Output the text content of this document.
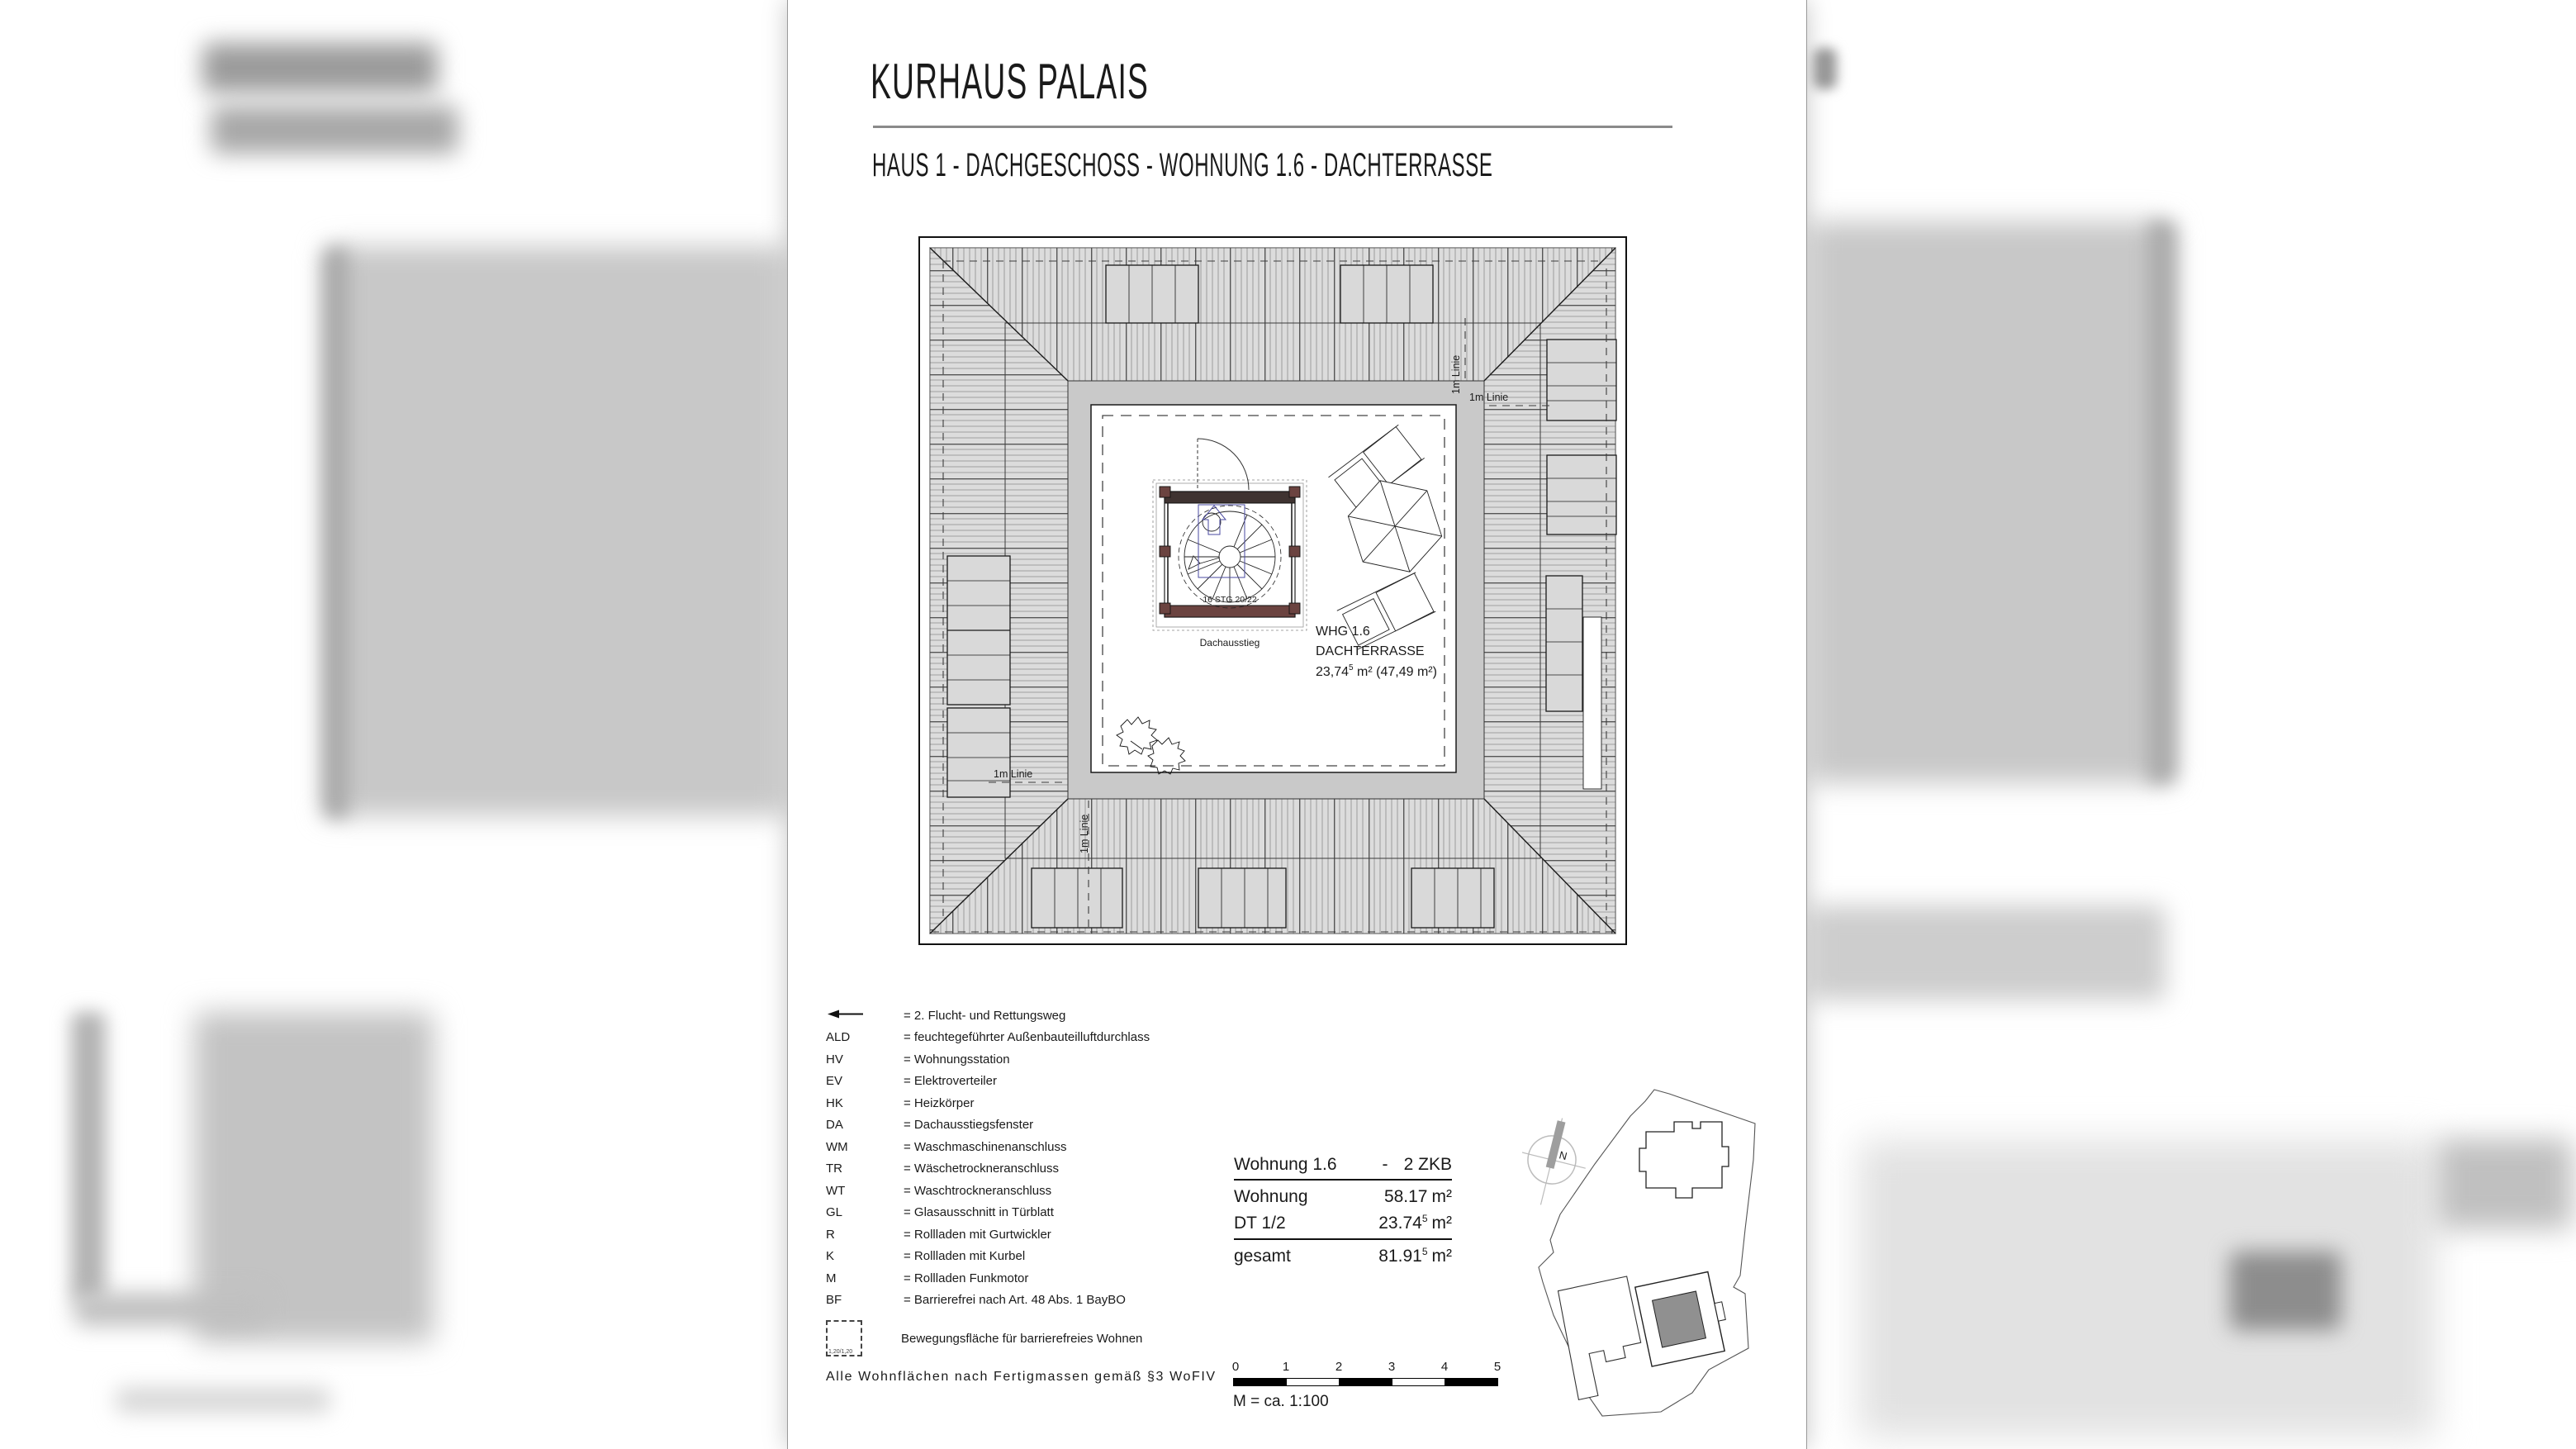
KURHAUS PALAIS
HAUS 1 - DACHGESCHOSS - WOHNUNG 1.6 - DACHTERRASSE
1m Linie
1m Linie
1m Linie
1m Linie
16 STG 20/22
Dachausstieg
WHG 1.6
DACHTERRASSE
23,74$^5$ m² (47,49 m²)
= 2. Flucht- und Rettungsweg
ALD	= feuchtegeführter Außenbauteilluftdurchlass
HV	= Wohnungsstation
EV	= Elektroverteiler
HK	= Heizkörper
DA	= Dachausstiegsfenster
WM	= Waschmaschinenanschluss
TR	= Wäschetrockneranschluss
WT	= Waschtrockneranschluss
GL	= Glasausschnitt in Türblatt
R	= Rollladen mit Gurtwickler
K	= Rollladen mit Kurbel
M	= Rollladen Funkmotor
BF	= Barrierefrei nach Art. 48 Abs. 1 BayBO
1,20/1,20
Bewegungsfläche für barrierefreies Wohnen
Alle Wohnflächen nach Fertigmassen gemäß §3 WoFIV
Wohnung 1.6	- 2 ZKB
Wohnung	58.17 m²
DT 1/2	23.74$^5$ m²
gesamt	81.91$^5$ m²
0	1	2	3	4	5
M = ca. 1:100
N
